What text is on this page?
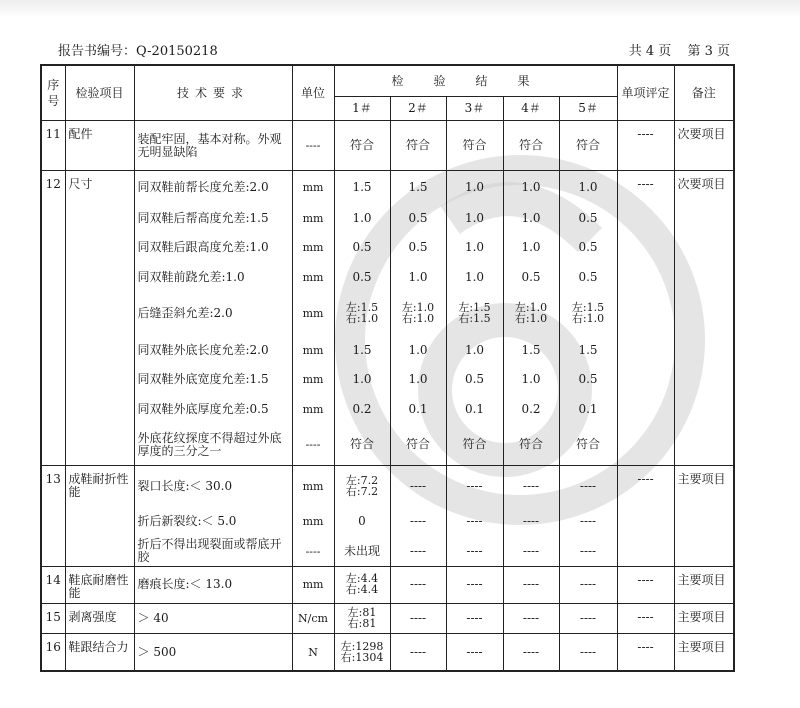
报告书编号：Q-20150218	共 4 页 第 3 页
序号	检验项目	技术要求	单位	检验结果					单项评定	备注
				1＃	2＃	3＃	4＃	5＃		
11	配件	装配牢固，基本对称。外观无明显缺陷	----	符合	符合	符合	符合	符合	----	次要项目
12	尺寸	同双鞋前帮长度允差:2.0	mm	1.5	1.5	1.0	1.0	1.0	----	次要项目
		同双鞋后帮高度允差:1.5	mm	1.0	0.5	1.0	1.0	0.5		
		同双鞋后跟高度允差:1.0	mm	0.5	0.5	1.0	1.0	0.5		
		同双鞋前跷允差:1.0	mm	0.5	1.0	1.0	0.5	0.5		
		后缝歪斜允差:2.0	mm	左:1.5
右:1.0	左:1.0
右:1.0	左:1.5
右:1.5	左:1.0
右:1.0	左:1.5
右:1.0		

		同双鞋外底长度允差:2.0	mm	1.5	1.0	1.0	1.5	1.5		
		同双鞋外底宽度允差:1.5	mm	1.0	1.0	0.5	1.0	0.5		
		同双鞋外底厚度允差:0.5	mm	0.2	0.1	0.1	0.2	0.1		
		外底花纹探度不得超过外底厚度的三分之一	----	符合	符合	符合	符合	符合		
13	成鞋耐折性能	裂口长度:＜ 30.0	mm	左:7.2
右:7.2	----	----	----	----	----	主要项目
		折后新裂纹:＜ 5.0	mm	0	----	----	----	----		
		折后不得出现裂面或帮底开胶	----	未出现	----	----	----	----		
14	鞋底耐磨性能	磨痕长度:＜ 13.0	mm	左:4.4
右:4.4	----	----	----	----	----	主要项目
15	剥离强度	＞ 40	N/cm	左:81
右:81	----	----	----	----	----	主要项目
16	鞋跟结合力	＞ 500	N	左:1298
右:1304	----	----	----	----	----	主要项目
